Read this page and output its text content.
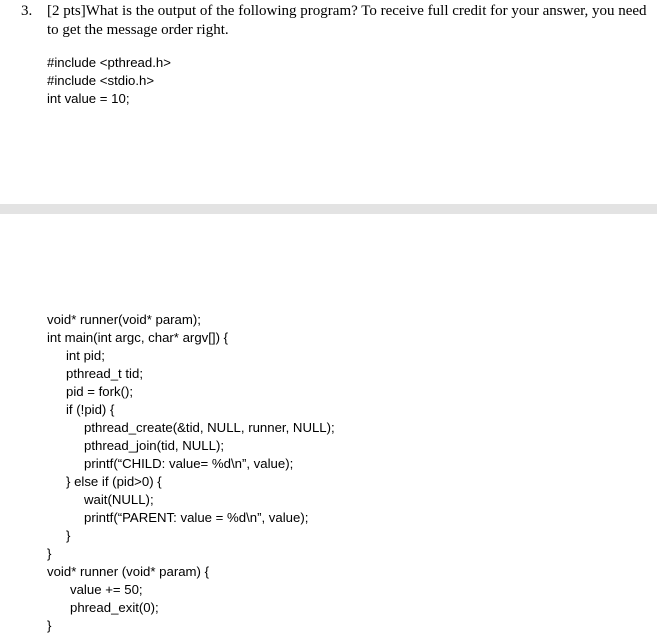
3. [2 pts]What is the output of the following program? To receive full credit for your answer, you need
to get the message order right.
#include <pthread.h>
#include <stdio.h>
int value = 10;
void* runner(void* param);
int main(int argc, char* argv[]) {
int pid;
pthread_t tid;
pid = fork();
if (!pid) {
pthread_create(&tid, NULL, runner, NULL);
pthread_join(tid, NULL);
printf(“CHILD: value= %d\n”, value);
} else if (pid>0) {
wait(NULL);
printf(“PARENT: value = %d\n”, value);
}
}
void* runner (void* param) {
value += 50;
phread_exit(0);
}
